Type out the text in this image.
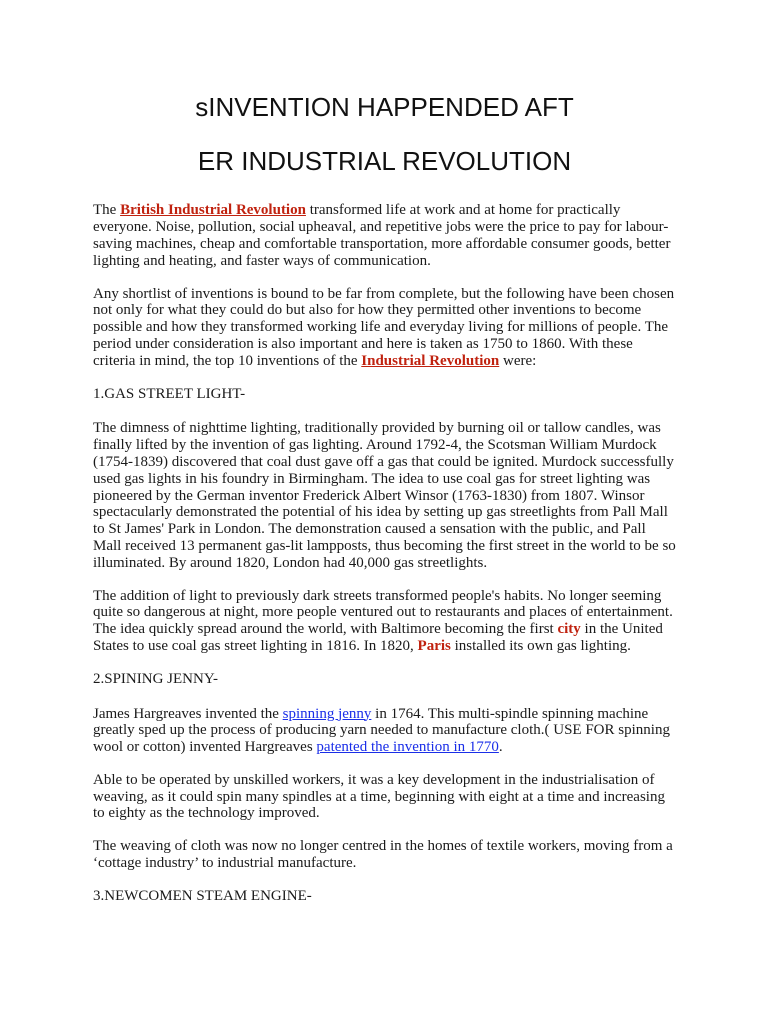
sINVENTION HAPPENDED AFT
ER INDUSTRIAL REVOLUTION

The British Industrial Revolution transformed life at work and at home for practically everyone. Noise, pollution, social upheaval, and repetitive jobs were the price to pay for labour-saving machines, cheap and comfortable transportation, more affordable consumer goods, better lighting and heating, and faster ways of communication.

Any shortlist of inventions is bound to be far from complete, but the following have been chosen not only for what they could do but also for how they permitted other inventions to become possible and how they transformed working life and everyday living for millions of people. The period under consideration is also important and here is taken as 1750 to 1860. With these criteria in mind, the top 10 inventions of the Industrial Revolution were:

1.GAS STREET LIGHT-

The dimness of nighttime lighting, traditionally provided by burning oil or tallow candles, was finally lifted by the invention of gas lighting. Around 1792-4, the Scotsman William Murdock (1754-1839) discovered that coal dust gave off a gas that could be ignited. Murdock successfully used gas lights in his foundry in Birmingham. The idea to use coal gas for street lighting was pioneered by the German inventor Frederick Albert Winsor (1763-1830) from 1807. Winsor spectacularly demonstrated the potential of his idea by setting up gas streetlights from Pall Mall to St James' Park in London. The demonstration caused a sensation with the public, and Pall Mall received 13 permanent gas-lit lampposts, thus becoming the first street in the world to be so illuminated. By around 1820, London had 40,000 gas streetlights.

The addition of light to previously dark streets transformed people's habits. No longer seeming quite so dangerous at night, more people ventured out to restaurants and places of entertainment. The idea quickly spread around the world, with Baltimore becoming the first city in the United States to use coal gas street lighting in 1816. In 1820, Paris installed its own gas lighting.

2.SPINING JENNY-

James Hargreaves invented the spinning jenny in 1764. This multi-spindle spinning machine greatly sped up the process of producing yarn needed to manufacture cloth.( USE FOR spinning wool or cotton) invented Hargreaves patented the invention in 1770.

Able to be operated by unskilled workers, it was a key development in the industrialisation of weaving, as it could spin many spindles at a time, beginning with eight at a time and increasing to eighty as the technology improved.

The weaving of cloth was now no longer centred in the homes of textile workers, moving from a ‘cottage industry’ to industrial manufacture.

3.NEWCOMEN STEAM ENGINE-
